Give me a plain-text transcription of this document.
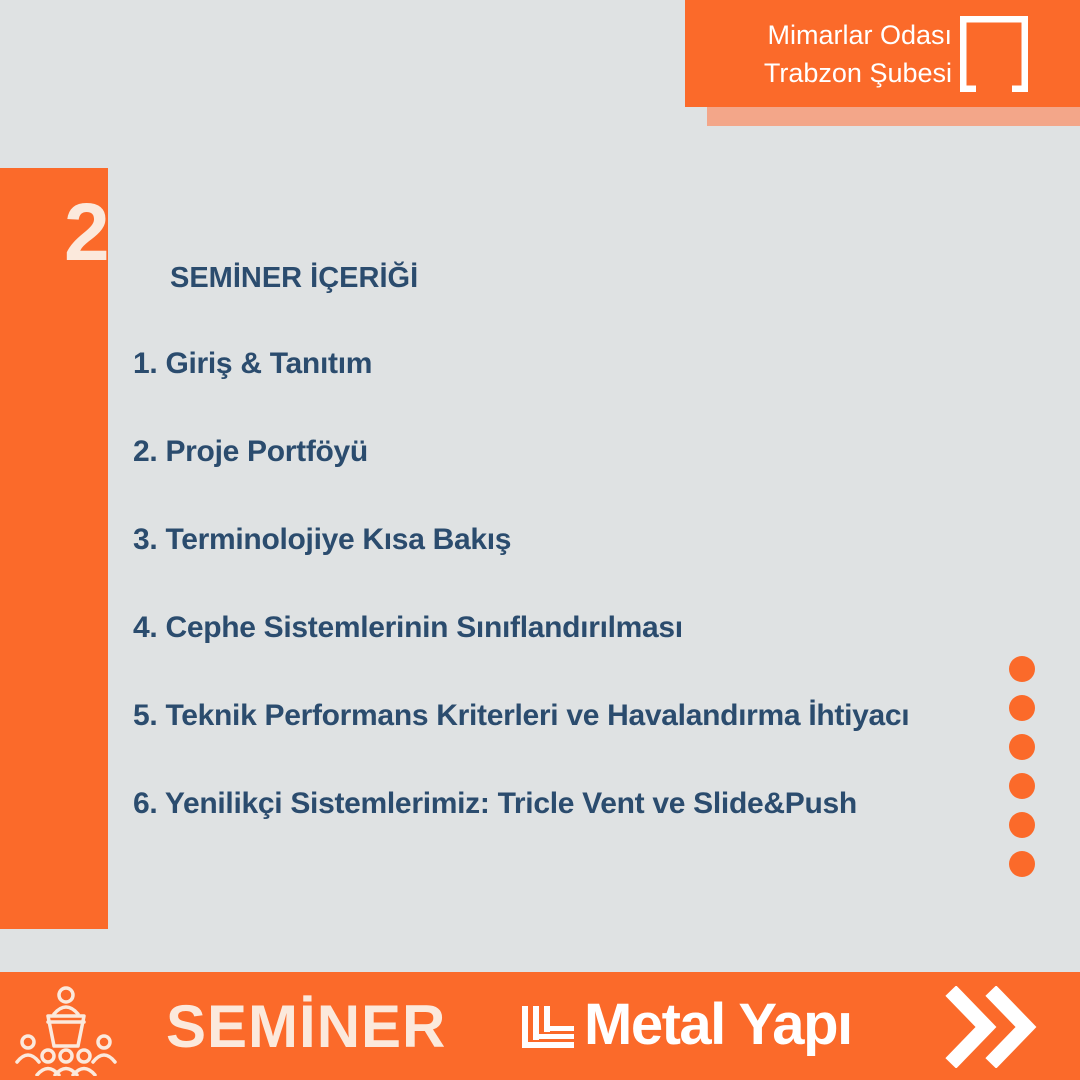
Mimarlar Odası
Trabzon Şubesi
2 SEMİNER İÇERİĞİ
1. Giriş & Tanıtım
2. Proje Portföyü
3. Terminolojiye Kısa Bakış
4. Cephe Sistemlerinin Sınıflandırılması
5. Teknik Performans Kriterleri ve Havalandırma İhtiyacı
6. Yenilikçi Sistemlerimiz: Tricle Vent ve Slide&Push
SEMİNER Metal Yapı
